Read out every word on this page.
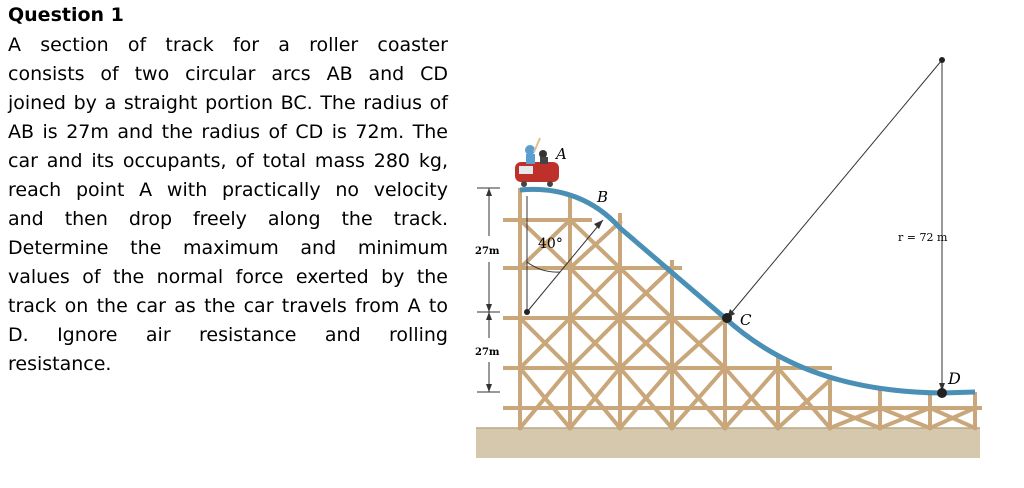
Question 1
A section of track for a roller coaster
consists of two circular arcs AB and CD
joined by a straight portion BC. The radius of
AB is 27m and the radius of CD is 72m. The
car and its occupants, of total mass 280 kg,
reach point A with practically no velocity
and then drop freely along the track.
Determine the maximum and minimum
values of the normal force exerted by the
track on the car as the car travels from A to
D. Ignore air resistance and rolling
resistance.
A
B
C
D
40°
27m
27m
r = 72 m
